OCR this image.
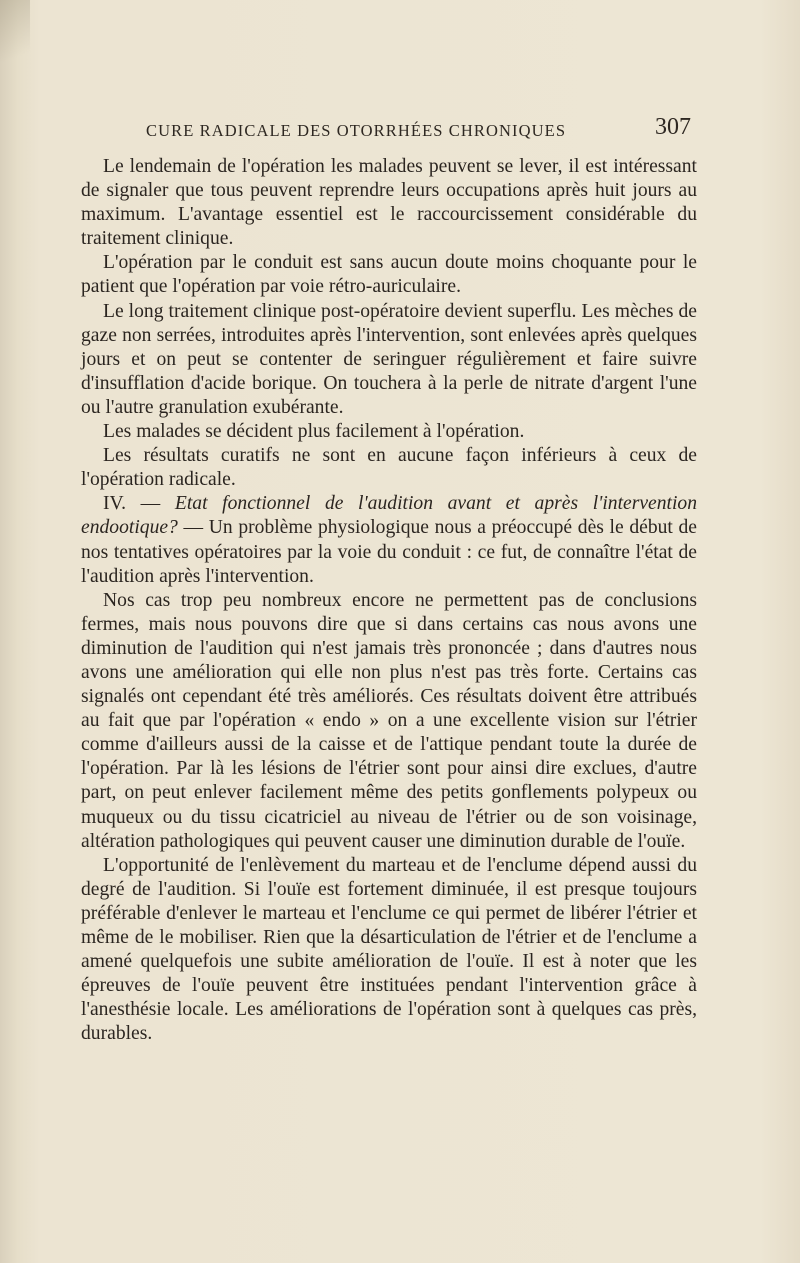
CURE RADICALE DES OTORRHÉES CHRONIQUES	307

Le lendemain de l'opération les malades peuvent se lever, il est intéressant de signaler que tous peuvent reprendre leurs occupations après huit jours au maximum. L'avantage essentiel est le raccourcissement considérable du traitement clinique.

L'opération par le conduit est sans aucun doute moins choquante pour le patient que l'opération par voie rétro-auriculaire.

Le long traitement clinique post-opératoire devient superflu. Les mèches de gaze non serrées, introduites après l'intervention, sont enlevées après quelques jours et on peut se contenter de seringuer régulièrement et faire suivre d'insufflation d'acide borique. On touchera à la perle de nitrate d'argent l'une ou l'autre granulation exubérante.

Les malades se décident plus facilement à l'opération.

Les résultats curatifs ne sont en aucune façon inférieurs à ceux de l'opération radicale.

IV. — Etat fonctionnel de l'audition avant et après l'intervention endootique? — Un problème physiologique nous a préoccupé dès le début de nos tentatives opératoires par la voie du conduit : ce fut, de connaître l'état de l'audition après l'intervention.

Nos cas trop peu nombreux encore ne permettent pas de conclusions fermes, mais nous pouvons dire que si dans certains cas nous avons une diminution de l'audition qui n'est jamais très prononcée ; dans d'autres nous avons une amélioration qui elle non plus n'est pas très forte. Certains cas signalés ont cependant été très améliorés. Ces résultats doivent être attribués au fait que par l'opération « endo » on a une excellente vision sur l'étrier comme d'ailleurs aussi de la caisse et de l'attique pendant toute la durée de l'opération. Par là les lésions de l'étrier sont pour ainsi dire exclues, d'autre part, on peut enlever facilement même des petits gonflements polypeux ou muqueux ou du tissu cicatriciel au niveau de l'étrier ou de son voisinage, altération pathologiques qui peuvent causer une diminution durable de l'ouïe.

L'opportunité de l'enlèvement du marteau et de l'enclume dépend aussi du degré de l'audition. Si l'ouïe est fortement diminuée, il est presque toujours préférable d'enlever le marteau et l'enclume ce qui permet de libérer l'étrier et même de le mobiliser. Rien que la désarticulation de l'étrier et de l'enclume a amené quelquefois une subite amélioration de l'ouïe. Il est à noter que les épreuves de l'ouïe peuvent être instituées pendant l'intervention grâce à l'anesthésie locale. Les améliorations de l'opération sont à quelques cas près, durables.
